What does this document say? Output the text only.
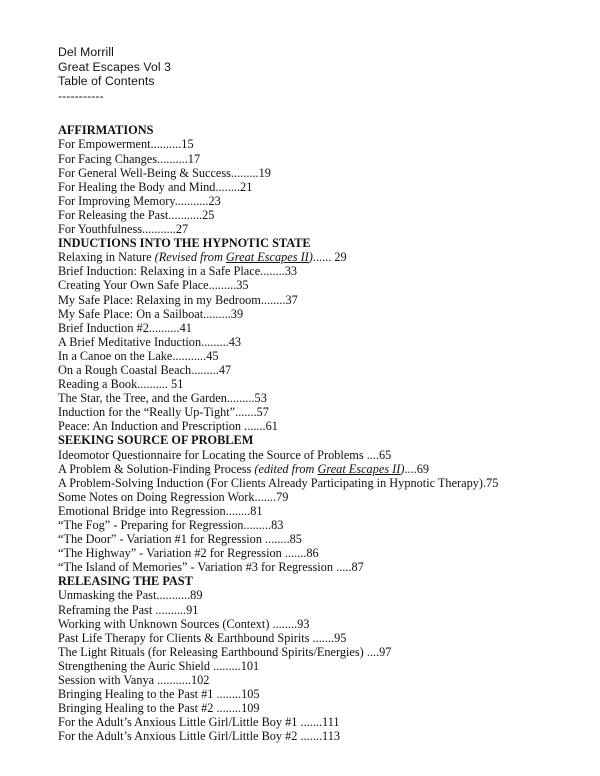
Del Morrill
Great Escapes Vol 3
Table of Contents
-----------
AFFIRMATIONS
For Empowerment..........15
For Facing Changes..........17
For General Well-Being & Success.........19
For Healing the Body and Mind........21
For Improving Memory...........23
For Releasing the Past...........25
For Youthfulness...........27
INDUCTIONS INTO THE HYPNOTIC STATE
Relaxing in Nature (Revised from Great Escapes II)...... 29
Brief Induction: Relaxing in a Safe Place........33
Creating Your Own Safe Place.........35
My Safe Place: Relaxing in my Bedroom........37
My Safe Place: On a Sailboat.........39
Brief Induction #2..........41
A Brief Meditative Induction.........43
In a Canoe on the Lake...........45
On a Rough Coastal Beach.........47
Reading a Book.......... 51
The Star, the Tree, and the Garden.........53
Induction for the “Really Up-Tight”.......57
Peace: An Induction and Prescription .......61
SEEKING SOURCE OF PROBLEM
Ideomotor Questionnaire for Locating the Source of Problems ....65
A Problem & Solution-Finding Process (edited from Great Escapes II)....69
A Problem-Solving Induction (For Clients Already Participating in Hypnotic Therapy).75
Some Notes on Doing Regression Work.......79
Emotional Bridge into Regression........81
“The Fog” - Preparing for Regression.........83
“The Door” - Variation #1 for Regression ........85
“The Highway” - Variation #2 for Regression .......86
“The Island of Memories” - Variation #3 for Regression .....87
RELEASING THE PAST
Unmasking the Past...........89
Reframing the Past ..........91
Working with Unknown Sources (Context) ........93
Past Life Therapy for Clients & Earthbound Spirits .......95
The Light Rituals (for Releasing Earthbound Spirits/Energies) ....97
Strengthening the Auric Shield .........101
Session with Vanya ...........102
Bringing Healing to the Past #1 ........105
Bringing Healing to the Past #2 ........109
For the Adult’s Anxious Little Girl/Little Boy #1 .......111
For the Adult’s Anxious Little Girl/Little Boy #2 .......113
